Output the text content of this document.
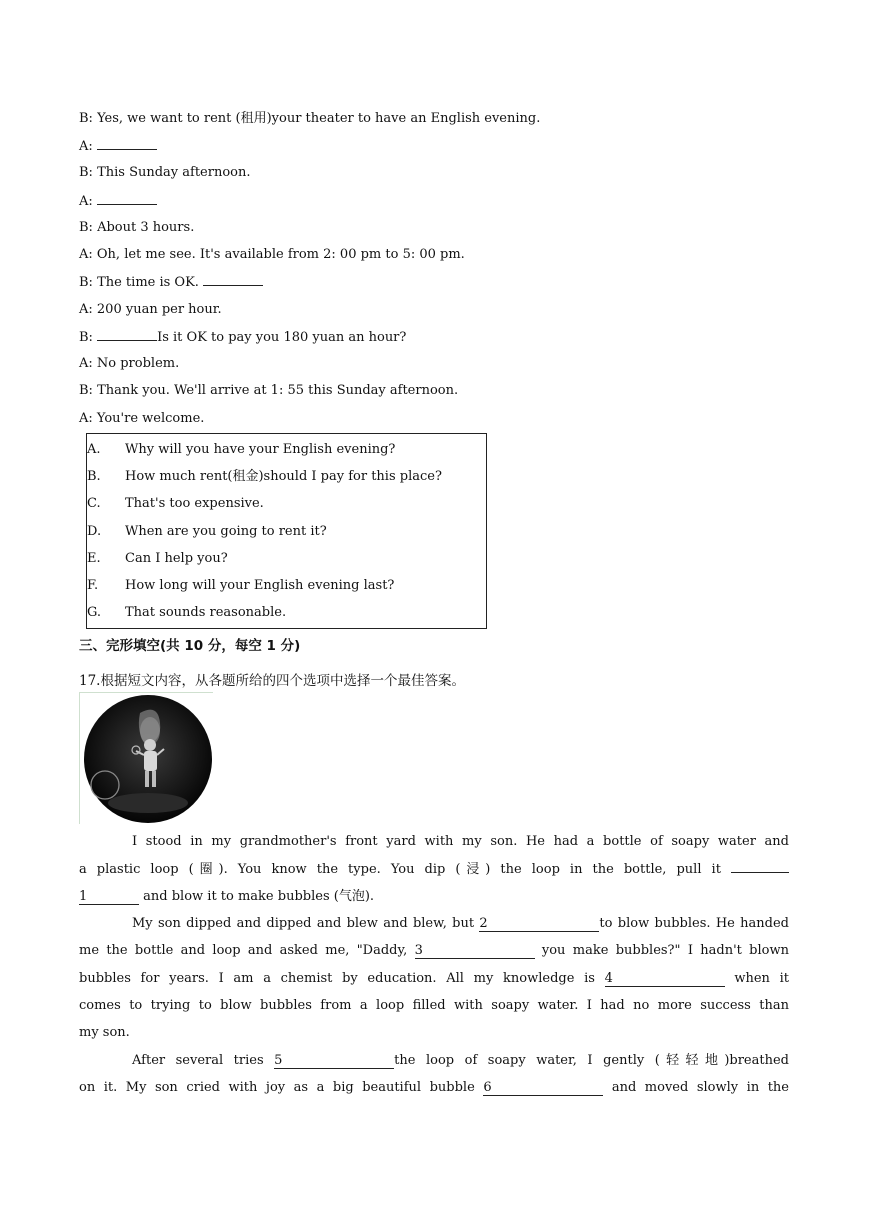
B: Yes, we want to rent (租用)your theater to have an English evening.
A:
B: This Sunday afternoon.
A:
B: About 3 hours.
A: Oh, let me see. It's available from 2: 00 pm to 5: 00 pm.
B: The time is OK.
A: 200 yuan per hour.
B:	Is it OK to pay you 180 yuan an hour?
A: No problem.
B: Thank you. We'll arrive at 1: 55 this Sunday afternoon.
A: You're welcome.
A. Why will you have your English evening?
B. How much rent(租金)should I pay for this place?
C. That's too expensive.
D. When are you going to rent it?
E. Can I help you?
F. How long will your English evening last?
G. That sounds reasonable.
三、完形填空(共 10 分，每空 1 分)
17.根据短文内容，从各题所给的四个选项中选择一个最佳答案。
I stood in my grandmother's front yard with my son. He had a bottle of soapy water and
a plastic loop (圈). You know the type. You dip (浸) the loop in the bottle, pull it
1	and blow it to make bubbles (气泡).
My son dipped and dipped and blew and blew, but 2	to blow bubbles. He handed
me the bottle and loop and asked me, "Daddy, 3	you make bubbles?" I hadn't blown
bubbles for years. I am a chemist by education. All my knowledge is 4	when it
comes to trying to blow bubbles from a loop filled with soapy water. I had no more success than
my son.
After several tries 5	the loop of soapy water, I gently (轻轻地)breathed
on it. My son cried with joy as a big beautiful bubble 6	and moved slowly in the
